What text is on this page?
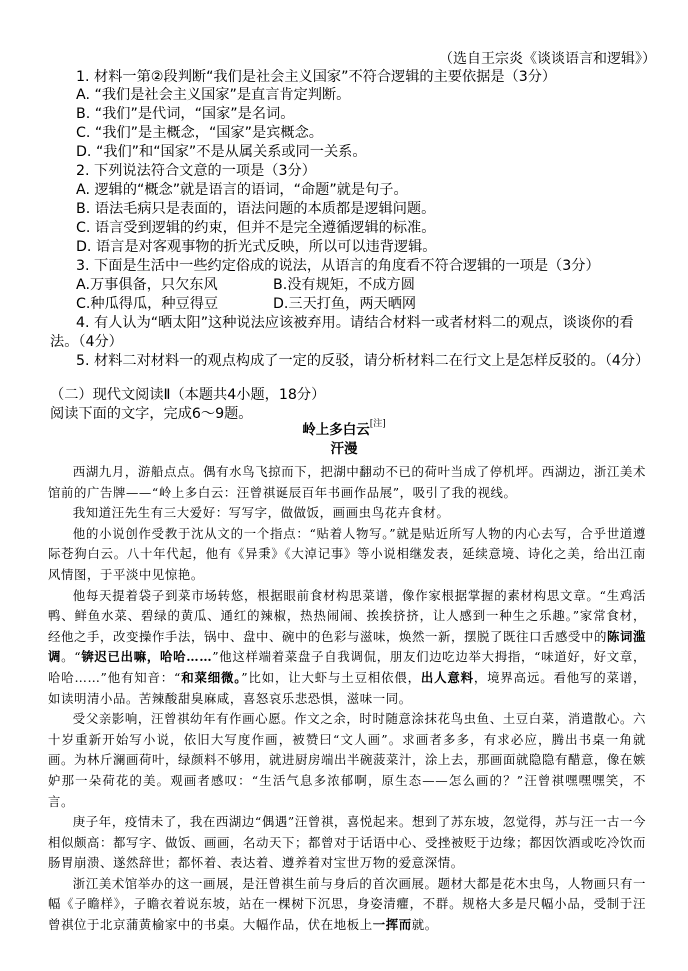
（选自王宗炎《谈谈语言和逻辑》）
1. 材料一第②段判断“我们是社会主义国家”不符合逻辑的主要依据是（3分）
A. “我们是社会主义国家”是直言肯定判断。
B. “我们”是代词，“国家”是名词。
C. “我们”是主概念，“国家”是宾概念。
D. “我们”和“国家”不是从属关系或同一关系。
2. 下列说法符合文意的一项是（3分）
A. 逻辑的“概念”就是语言的语词，“命题”就是句子。
B. 语法毛病只是表面的，语法问题的本质都是逻辑问题。
C. 语言受到逻辑的约束，但并不是完全遵循逻辑的标准。
D. 语言是对客观事物的折光式反映，所以可以违背逻辑。
3. 下面是生活中一些约定俗成的说法，从语言的角度看不符合逻辑的一项是（3分）
A.万事俱备，只欠东风	B.没有规矩，不成方圆
C.种瓜得瓜，种豆得豆	D.三天打鱼，两天晒网
4. 有人认为“晒太阳”这种说法应该被弃用。请结合材料一或者材料二的观点，谈谈你的看
法。（4分）
5. 材料二对材料一的观点构成了一定的反驳，请分析材料二在行文上是怎样反驳的。（4分）
（二）现代文阅读Ⅱ（本题共4小题，18分）
阅读下面的文字，完成6～9题。
岭上多白云[注]
汗漫

西湖九月，游船点点。偶有水鸟飞掠而下，把湖中翻动不已的荷叶当成了停机坪。西湖边，浙江美术馆前的广告牌——“岭上多白云：汪曾祺诞辰百年书画作品展”，吸引了我的视线。

我知道汪先生有三大爱好：写写字，做做饭，画画虫鸟花卉食材。

他的小说创作受教于沈从文的一个指点：“贴着人物写。”就是贴近所写人物的内心去写，合乎世道遵际苍狗白云。八十年代起，他有《异秉》《大淖记事》等小说相继发表，延续意境、诗化之美，给出江南风情图，于平淡中见惊艳。

他每天提着袋子到菜市场转悠，根据眼前食材构思菜谱，像作家根据掌握的素材构思文章。“生鸡活鸭、鲜鱼水菜、碧绿的黄瓜、通红的辣椒，热热闹闹、挨挨挤挤，让人感到一种生之乐趣。”家常食材，经他之手，改变操作手法，锅中、盘中、碗中的色彩与滋味，焕然一新，摆脱了既往口舌感受中的陈词滥调。“锛迟已出嘛，哈哈……”他这样端着菜盘子自我调侃，朋友们边吃边举大拇指，“味道好，好文章，哈哈……”他有知音：“和菜细微。”比如，让大虾与土豆相依偎，出人意料，境界高远。看他写的菜谱，如读明清小品。苦辣酸甜臭麻咸，喜怒哀乐悲恐惧，滋味一同。

受父亲影响，汪曾祺幼年有作画心愿。作文之余，时时随意涂抹花鸟虫鱼、土豆白菜，消遣散心。六十岁重新开始写小说，依旧大写度作画，被赞曰“文人画”。求画者多多，有求必应，腾出书桌一角就画。为林斤澜画荷叶，绿颜料不够用，就进厨房端出半碗菠菜汁，涂上去，那画面就隐隐有醋意，像在嫉妒那一朵荷花的美。观画者感叹：“生活气息多浓郁啊，原生态——怎么画的？”汪曾祺嘿嘿嘿笑，不言。

庚子年，疫情未了，我在西湖边“偶遇”汪曾祺，喜悦起来。想到了苏东坡，忽觉得，苏与汪一古一今相似颇高：都写字、做饭、画画，名动天下；都曾对于话语中心、受挫被贬于边缘；都因饮酒或吃冷饮而肠胃崩溃、遂然辞世；都怀着、表达着、遵养着对宝世万物的爱意深情。

浙江美术馆举办的这一画展，是汪曾祺生前与身后的首次画展。题材大都是花木虫鸟，人物画只有一幅《子瞻样》，子瞻衣着说东坡，站在一棵树下沉思，身姿清癯，不群。规格大多是尺幅小品，受制于汪曾祺位于北京蒲黄榆家中的书桌。大幅作品，伏在地板上一挥而就。
